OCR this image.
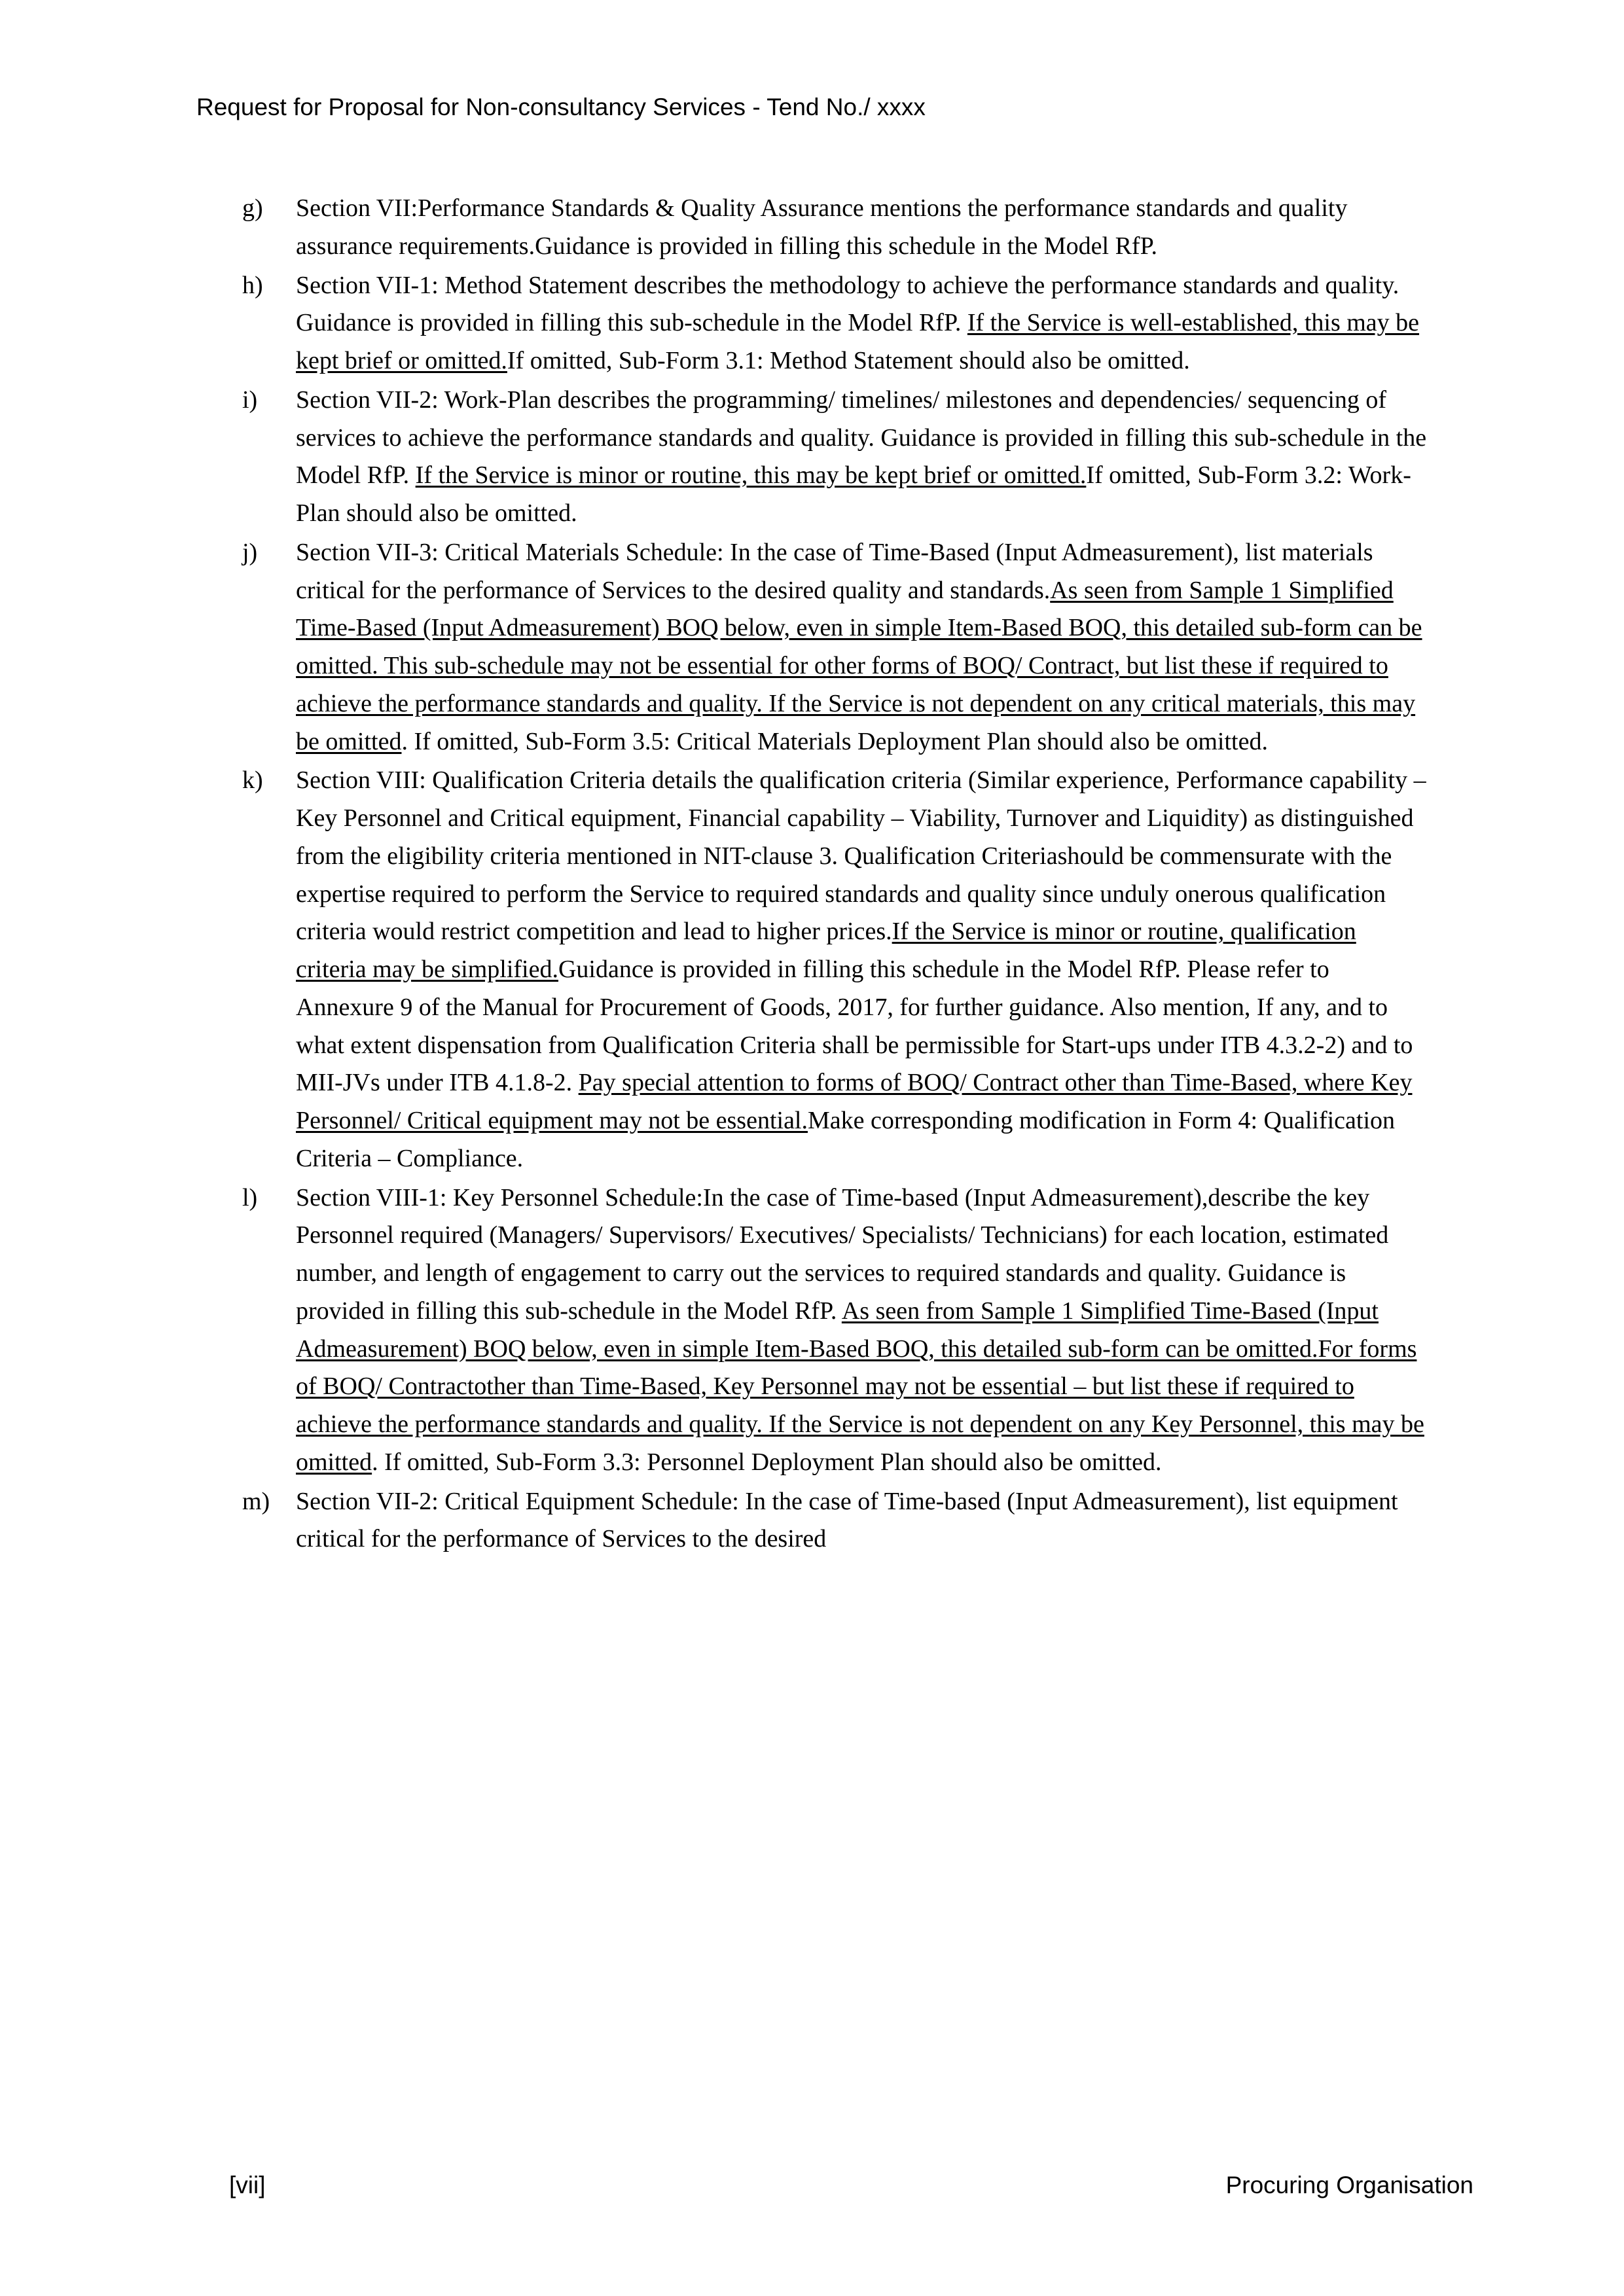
Request for Proposal for Non-consultancy Services - Tend No./ xxxx
g)	Section VII:Performance Standards & Quality Assurance mentions the performance standards and quality assurance requirements.Guidance is provided in filling this schedule in the Model RfP.
h)	Section VII-1: Method Statement describes the methodology to achieve the performance standards and quality. Guidance is provided in filling this sub-schedule in the Model RfP. If the Service is well-established, this may be kept brief or omitted.If omitted, Sub-Form 3.1: Method Statement should also be omitted.
i)	Section VII-2: Work-Plan describes the programming/ timelines/ milestones and dependencies/ sequencing of services to achieve the performance standards and quality. Guidance is provided in filling this sub-schedule in the Model RfP. If the Service is minor or routine, this may be kept brief or omitted.If omitted, Sub-Form 3.2: Work-Plan should also be omitted.
j)	Section VII-3: Critical Materials Schedule: In the case of Time-Based (Input Admeasurement), list materials critical for the performance of Services to the desired quality and standards.As seen from Sample 1 Simplified Time-Based (Input Admeasurement) BOQ below, even in simple Item-Based BOQ, this detailed sub-form can be omitted. This sub-schedule may not be essential for other forms of BOQ/ Contract, but list these if required to achieve the performance standards and quality. If the Service is not dependent on any critical materials, this may be omitted. If omitted, Sub-Form 3.5: Critical Materials Deployment Plan should also be omitted.
k)	Section VIII: Qualification Criteria details the qualification criteria (Similar experience, Performance capability – Key Personnel and Critical equipment, Financial capability – Viability, Turnover and Liquidity) as distinguished from the eligibility criteria mentioned in NIT-clause 3. Qualification Criteriashould be commensurate with the expertise required to perform the Service to required standards and quality since unduly onerous qualification criteria would restrict competition and lead to higher prices.If the Service is minor or routine, qualification criteria may be simplified.Guidance is provided in filling this schedule in the Model RfP. Please refer to Annexure 9 of the Manual for Procurement of Goods, 2017, for further guidance. Also mention, If any, and to what extent dispensation from Qualification Criteria shall be permissible for Start-ups under ITB 4.3.2-2) and to MII-JVs under ITB 4.1.8-2. Pay special attention to forms of BOQ/ Contract other than Time-Based, where Key Personnel/ Critical equipment may not be essential.Make corresponding modification in Form 4: Qualification Criteria – Compliance.
l)	Section VIII-1: Key Personnel Schedule:In the case of Time-based (Input Admeasurement),describe the key Personnel required (Managers/ Supervisors/ Executives/ Specialists/ Technicians) for each location, estimated number, and length of engagement to carry out the services to required standards and quality. Guidance is provided in filling this sub-schedule in the Model RfP. As seen from Sample 1 Simplified Time-Based (Input Admeasurement) BOQ below, even in simple Item-Based BOQ, this detailed sub-form can be omitted.For forms of BOQ/ Contractother than Time-Based, Key Personnel may not be essential – but list these if required to achieve the performance standards and quality. If the Service is not dependent on any Key Personnel, this may be omitted. If omitted, Sub-Form 3.3: Personnel Deployment Plan should also be omitted.
m)	Section VII-2: Critical Equipment Schedule: In the case of Time-based (Input Admeasurement), list equipment critical for the performance of Services to the desired
[vii]	Procuring Organisation
